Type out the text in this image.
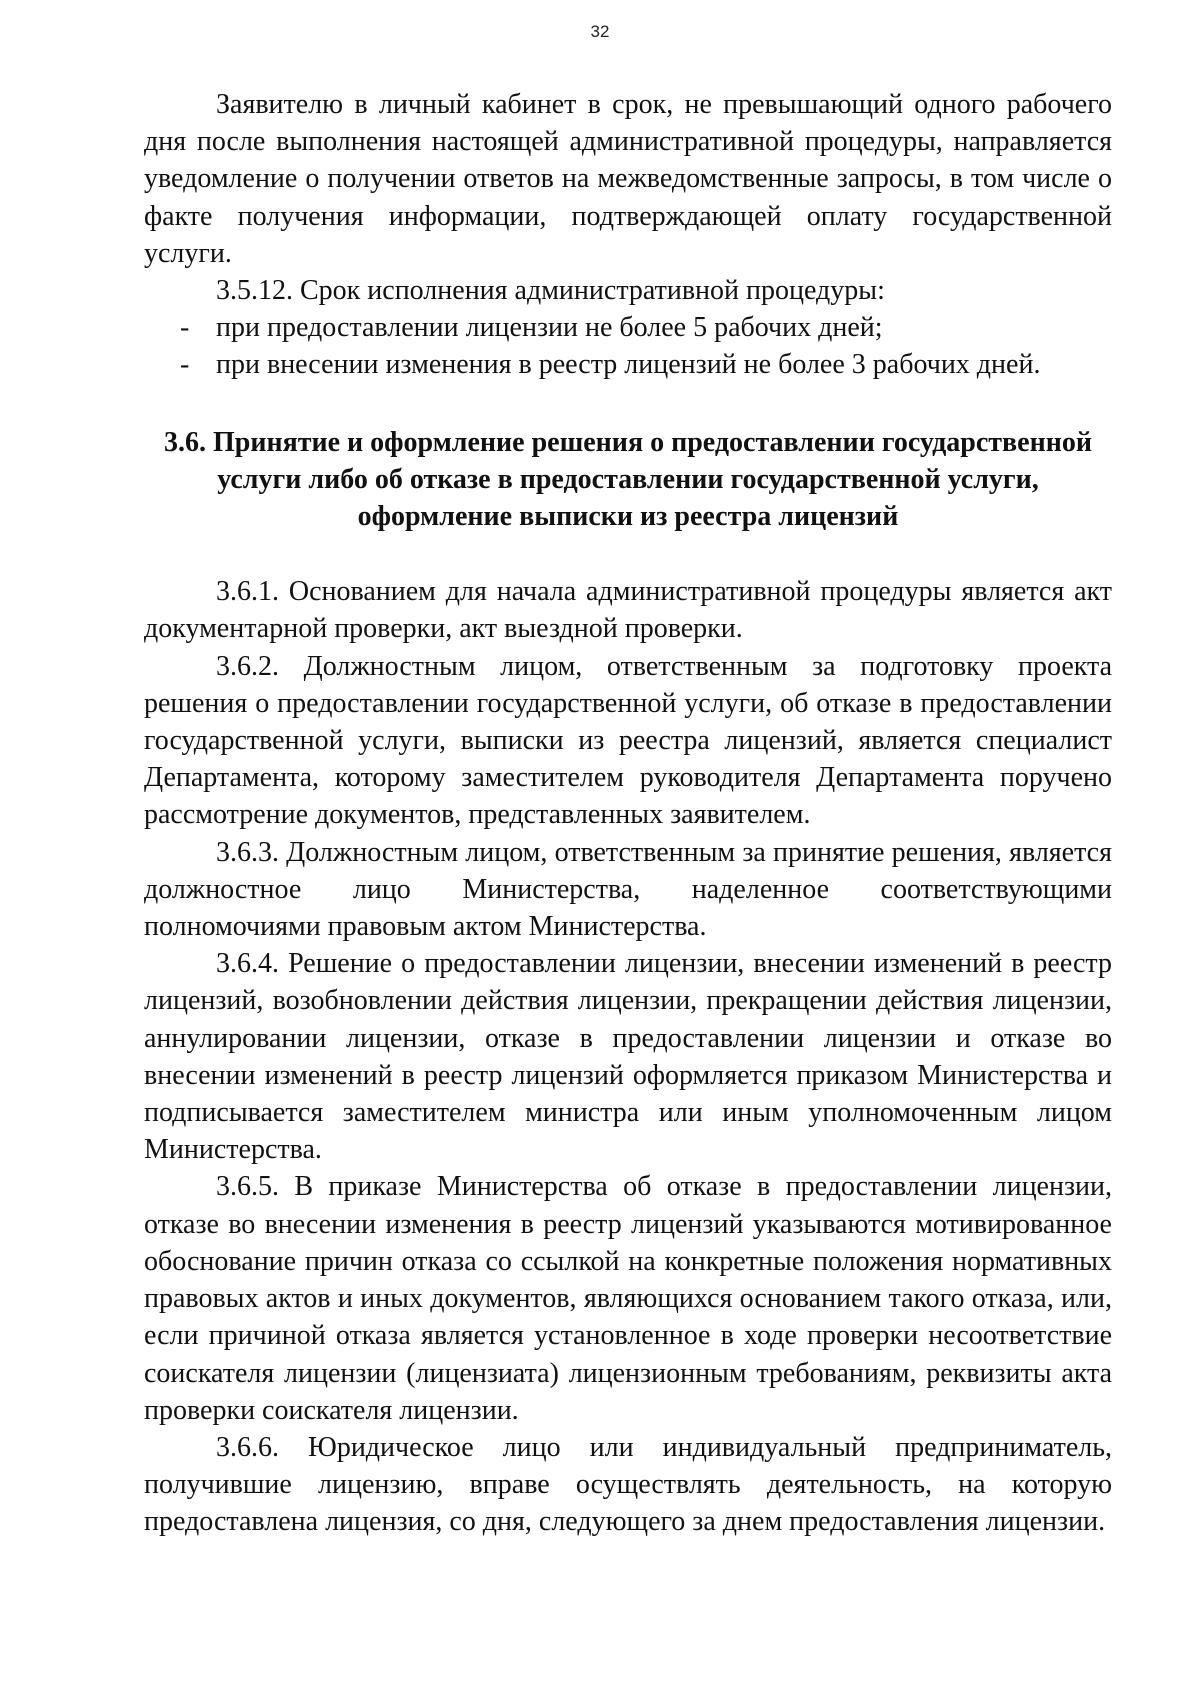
32

Заявителю в личный кабинет в срок, не превышающий одного рабочего дня после выполнения настоящей административной процедуры, направляется уведомление о получении ответов на межведомственные запросы, в том числе о факте получения информации, подтверждающей оплату государственной услуги.

3.5.12. Срок исполнения административной процедуры:

- при предоставлении лицензии не более 5 рабочих дней;
- при внесении изменения в реестр лицензий не более 3 рабочих дней.
3.6. Принятие и оформление решения о предоставлении государственной
услуги либо об отказе в предоставлении государственной услуги,
оформление выписки из реестра лицензий

3.6.1. Основанием для начала административной процедуры является акт документарной проверки, акт выездной проверки.

3.6.2. Должностным лицом, ответственным за подготовку проекта решения о предоставлении государственной услуги, об отказе в предоставлении государственной услуги, выписки из реестра лицензий, является специалист Департамента, которому заместителем руководителя Департамента поручено рассмотрение документов, представленных заявителем.

3.6.3. Должностным лицом, ответственным за принятие решения, является должностное лицо Министерства, наделенное соответствующими полномочиями правовым актом Министерства.

3.6.4. Решение о предоставлении лицензии, внесении изменений в реестр лицензий, возобновлении действия лицензии, прекращении действия лицензии, аннулировании лицензии, отказе в предоставлении лицензии и отказе во внесении изменений в реестр лицензий оформляется приказом Министерства и подписывается заместителем министра или иным уполномоченным лицом Министерства.

3.6.5. В приказе Министерства об отказе в предоставлении лицензии, отказе во внесении изменения в реестр лицензий указываются мотивированное обоснование причин отказа со ссылкой на конкретные положения нормативных правовых актов и иных документов, являющихся основанием такого отказа, или, если причиной отказа является установленное в ходе проверки несоответствие соискателя лицензии (лицензиата) лицензионным требованиям, реквизиты акта проверки соискателя лицензии.

3.6.6. Юридическое лицо или индивидуальный предприниматель, получившие лицензию, вправе осуществлять деятельность, на которую предоставлена лицензия, со дня, следующего за днем предоставления лицензии.
